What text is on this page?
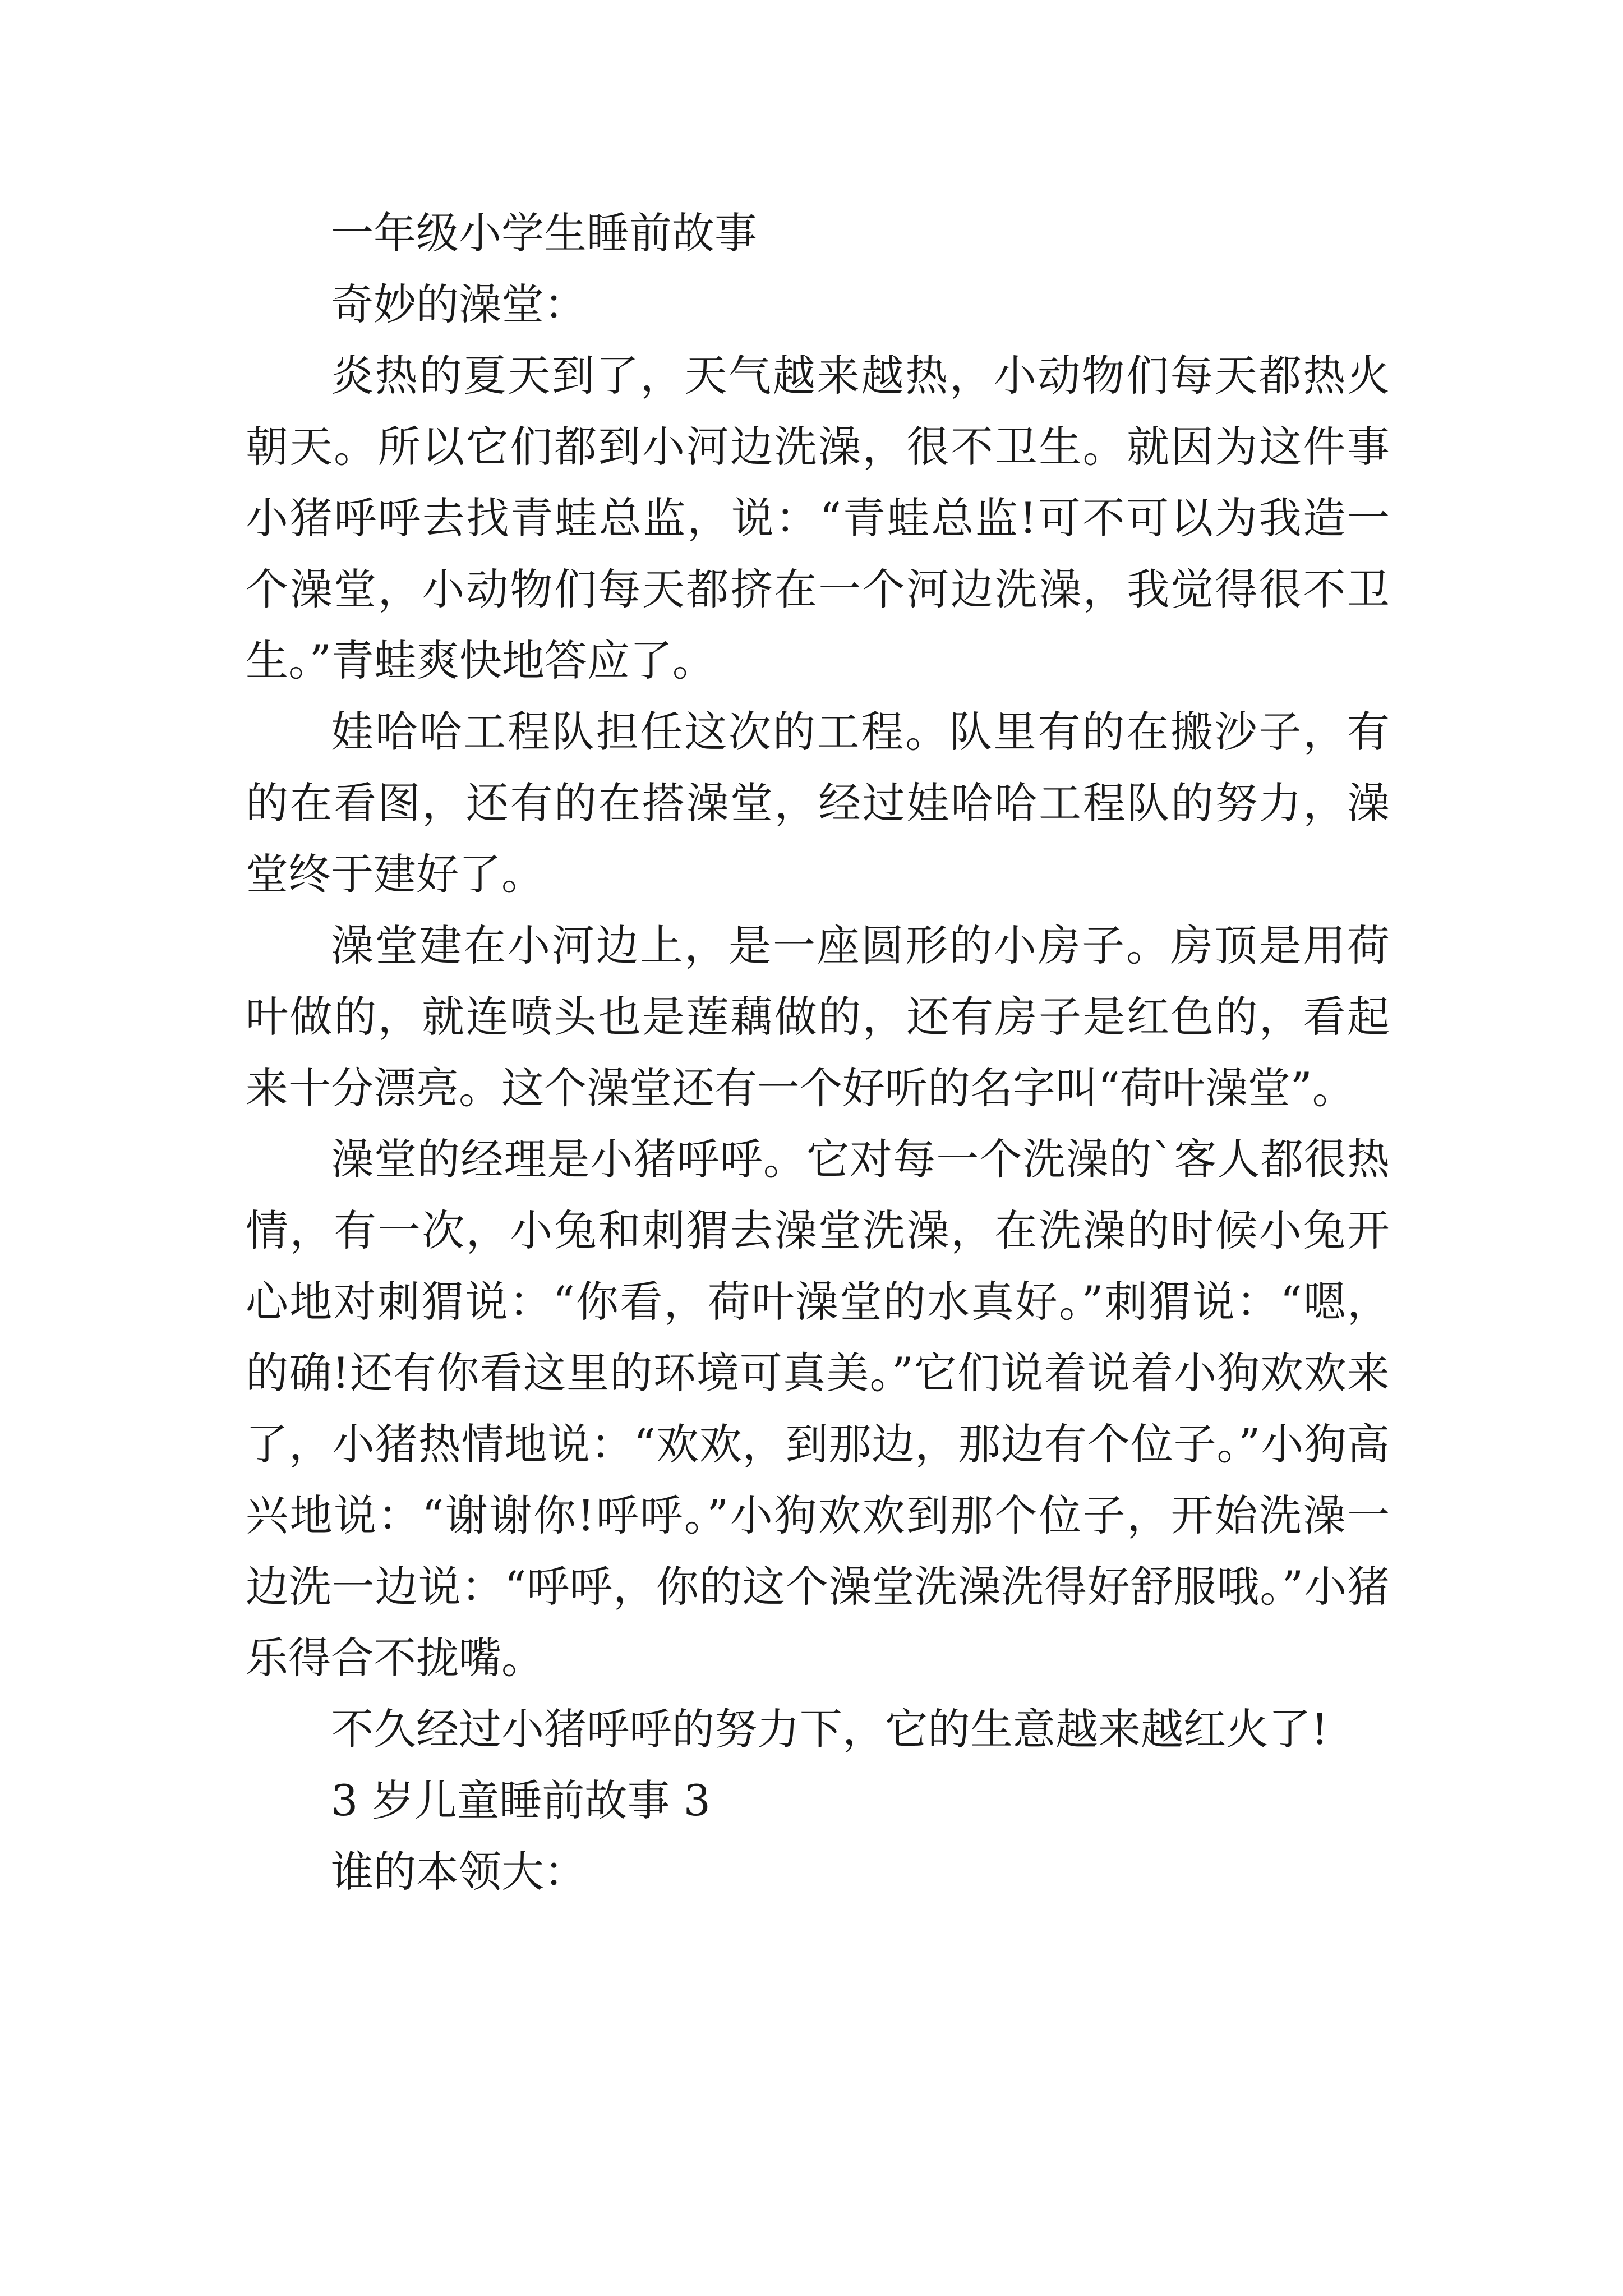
一年级小学生睡前故事

奇妙的澡堂：

炎热的夏天到了，天气越来越热，小动物们每天都热火朝天。所以它们都到小河边洗澡，很不卫生。就因为这件事小猪呼呼去找青蛙总监，说：“青蛙总监!可不可以为我造一个澡堂，小动物们每天都挤在一个河边洗澡，我觉得很不卫生。”青蛙爽快地答应了。

娃哈哈工程队担任这次的工程。队里有的在搬沙子，有的在看图，还有的在搭澡堂，经过娃哈哈工程队的努力，澡堂终于建好了。

澡堂建在小河边上，是一座圆形的小房子。房顶是用荷叶做的，就连喷头也是莲藕做的，还有房子是红色的，看起来十分漂亮。这个澡堂还有一个好听的名字叫“荷叶澡堂”。

澡堂的经理是小猪呼呼。它对每一个洗澡的`客人都很热情，有一次，小兔和刺猬去澡堂洗澡，在洗澡的时候小兔开心地对刺猬说：“你看，荷叶澡堂的水真好。”刺猬说：“嗯，的确!还有你看这里的环境可真美。”它们说着说着小狗欢欢来了，小猪热情地说：“欢欢，到那边，那边有个位子。”小狗高兴地说：“谢谢你!呼呼。”小狗欢欢到那个位子，开始洗澡一边洗一边说：“呼呼，你的这个澡堂洗澡洗得好舒服哦。”小猪乐得合不拢嘴。

不久经过小猪呼呼的努力下，它的生意越来越红火了!

3 岁儿童睡前故事 3

谁的本领大：
